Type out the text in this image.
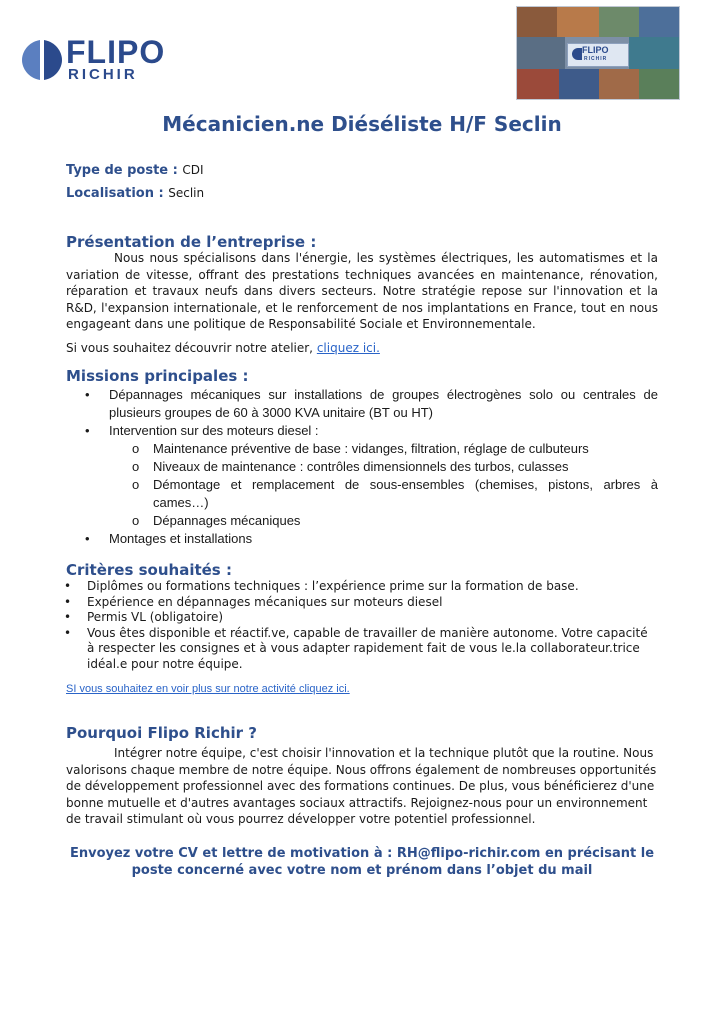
FLIPO
RICHIR
FLIPO
RICHIR
Mécanicien.ne Diéséliste H/F Seclin
Type de poste : CDI
Localisation : Seclin
Présentation de l’entreprise :
Nous nous spécialisons dans l'énergie, les systèmes électriques, les automatismes et la variation de vitesse, offrant des prestations techniques avancées en maintenance, rénovation, réparation et travaux neufs dans divers secteurs. Notre stratégie repose sur l'innovation et la R&D, l'expansion internationale, et le renforcement de nos implantations en France, tout en nous engageant dans une politique de Responsabilité Sociale et Environnementale.
Si vous souhaitez découvrir notre atelier, cliquez ici.
Missions principales :
• Dépannages mécaniques sur installations de groupes électrogènes solo ou centrales de plusieurs groupes de 60 à 3000 KVA unitaire (BT ou HT)
• Intervention sur des moteurs diesel :
o Maintenance préventive de base : vidanges, filtration, réglage de culbuteurs
o Niveaux de maintenance : contrôles dimensionnels des turbos, culasses
o Démontage et remplacement de sous-ensembles (chemises, pistons, arbres à cames…)
o Dépannages mécaniques
• Montages et installations
Critères souhaités :
• Diplômes ou formations techniques : l’expérience prime sur la formation de base.
• Expérience en dépannages mécaniques sur moteurs diesel
• Permis VL (obligatoire)
• Vous êtes disponible et réactif.ve, capable de travailler de manière autonome. Votre capacité à respecter les consignes et à vous adapter rapidement fait de vous le.la collaborateur.trice idéal.e pour notre équipe.
SI vous souhaitez en voir plus sur notre activité cliquez ici.
Pourquoi Flipo Richir ?
Intégrer notre équipe, c'est choisir l'innovation et la technique plutôt que la routine. Nous valorisons chaque membre de notre équipe. Nous offrons également de nombreuses opportunités de développement professionnel avec des formations continues. De plus, vous bénéficierez d'une bonne mutuelle et d'autres avantages sociaux attractifs. Rejoignez-nous pour un environnement de travail stimulant où vous pourrez développer votre potentiel professionnel.
Envoyez votre CV et lettre de motivation à : RH@flipo-richir.com en précisant le poste concerné avec votre nom et prénom dans l’objet du mail
